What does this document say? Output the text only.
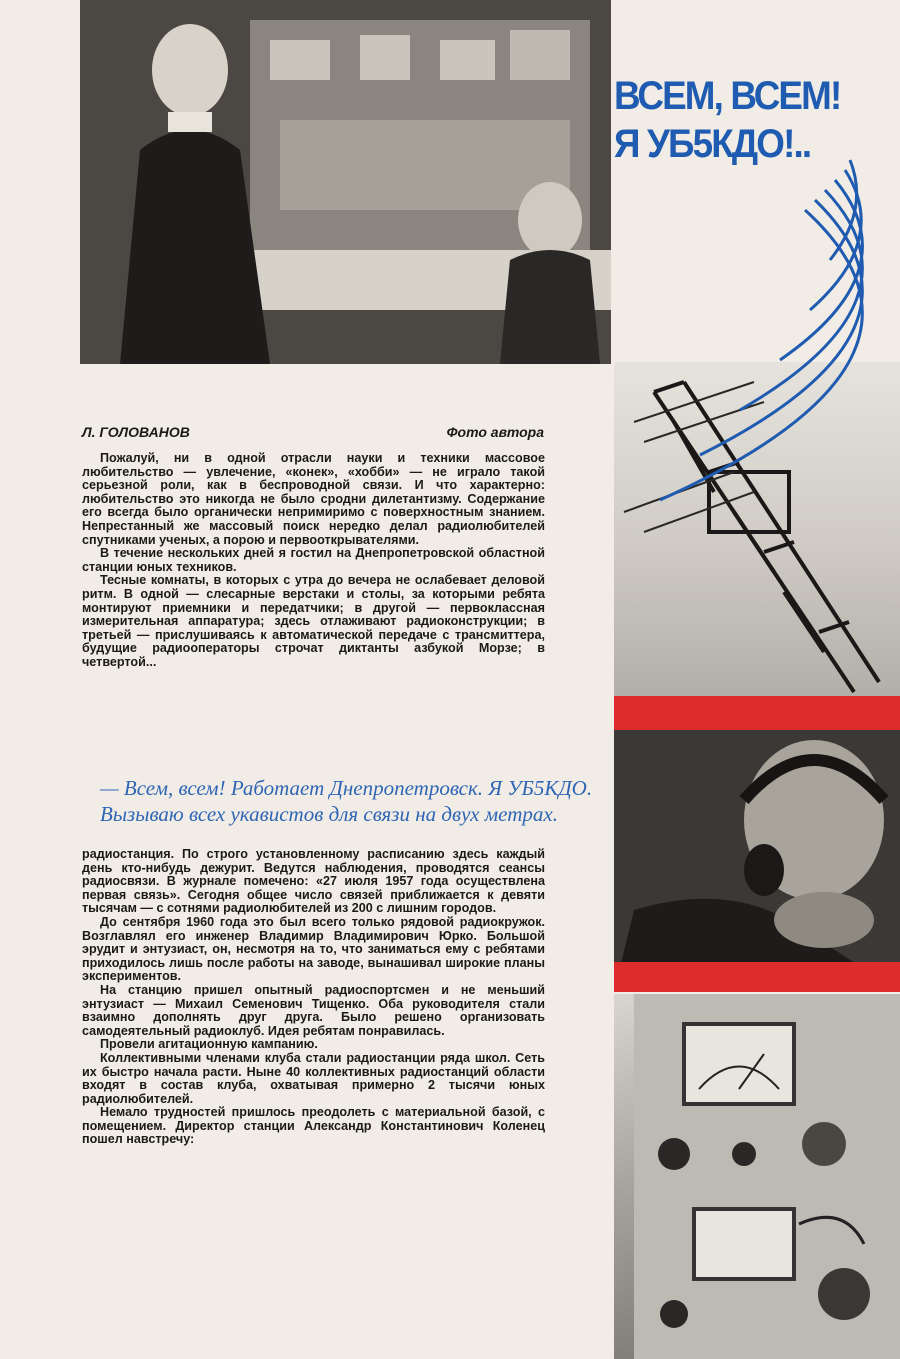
ВСЕМ, ВСЕМ!
Я УБ5КДО!..
Л. ГОЛОВАНОВ	Фото автора

Пожалуй, ни в одной отрасли науки и техники массовое любительство — увлечение, «конек», «хобби» — не играло такой серьезной роли, как в беспроводной связи. И что характерно: любительство это никогда не было сродни дилетантизму. Содержание его всегда было органически непримиримо с поверхностным знанием. Непрестанный же массовый поиск нередко делал радиолюбителей спутниками ученых, а порою и первооткрывателями.

В течение нескольких дней я гостил на Днепропетровской областной станции юных техников.

Тесные комнаты, в которых с утра до вечера не ослабевает деловой ритм. В одной — слесарные верстаки и столы, за которыми ребята монтируют приемники и передатчики; в другой — первоклассная измерительная аппаратура; здесь отлаживают радиоконструкции; в третьей — прислушиваясь к автоматической передаче с трансмиттера, будущие радиооператоры строчат диктанты азбукой Морзе; в четвертой...

— Всем, всем! Работает Днепропетровск. Я УБ5КДО.
Вызываю всех укавистов для связи на двух метрах.

радиостанция. По строго установленному расписанию здесь каждый день кто-нибудь дежурит. Ведутся наблюдения, проводятся сеансы радиосвязи. В журнале помечено: «27 июля 1957 года осуществлена первая связь». Сегодня общее число связей приближается к девяти тысячам — с сотнями радиолюбителей из 200 с лишним городов.

До сентября 1960 года это был всего только рядовой радиокружок. Возглавлял его инженер Владимир Владимирович Юрко. Большой эрудит и энтузиаст, он, несмотря на то, что заниматься ему с ребятами приходилось лишь после работы на заводе, вынашивал широкие планы экспериментов.

На станцию пришел опытный радиоспортсмен и не меньший энтузиаст — Михаил Семенович Тищенко. Оба руководителя стали взаимно дополнять друг друга. Было решено организовать самодеятельный радиоклуб. Идея ребятам понравилась.

Провели агитационную кампанию.

Коллективными членами клуба стали радиостанции ряда школ. Сеть их быстро начала расти. Ныне 40 коллективных радиостанций области входят в состав клуба, охватывая примерно 2 тысячи юных радиолюбителей.

Немало трудностей пришлось преодолеть с материальной базой, с помещением. Директор станции Александр Константинович Коленец пошел навстречу:
